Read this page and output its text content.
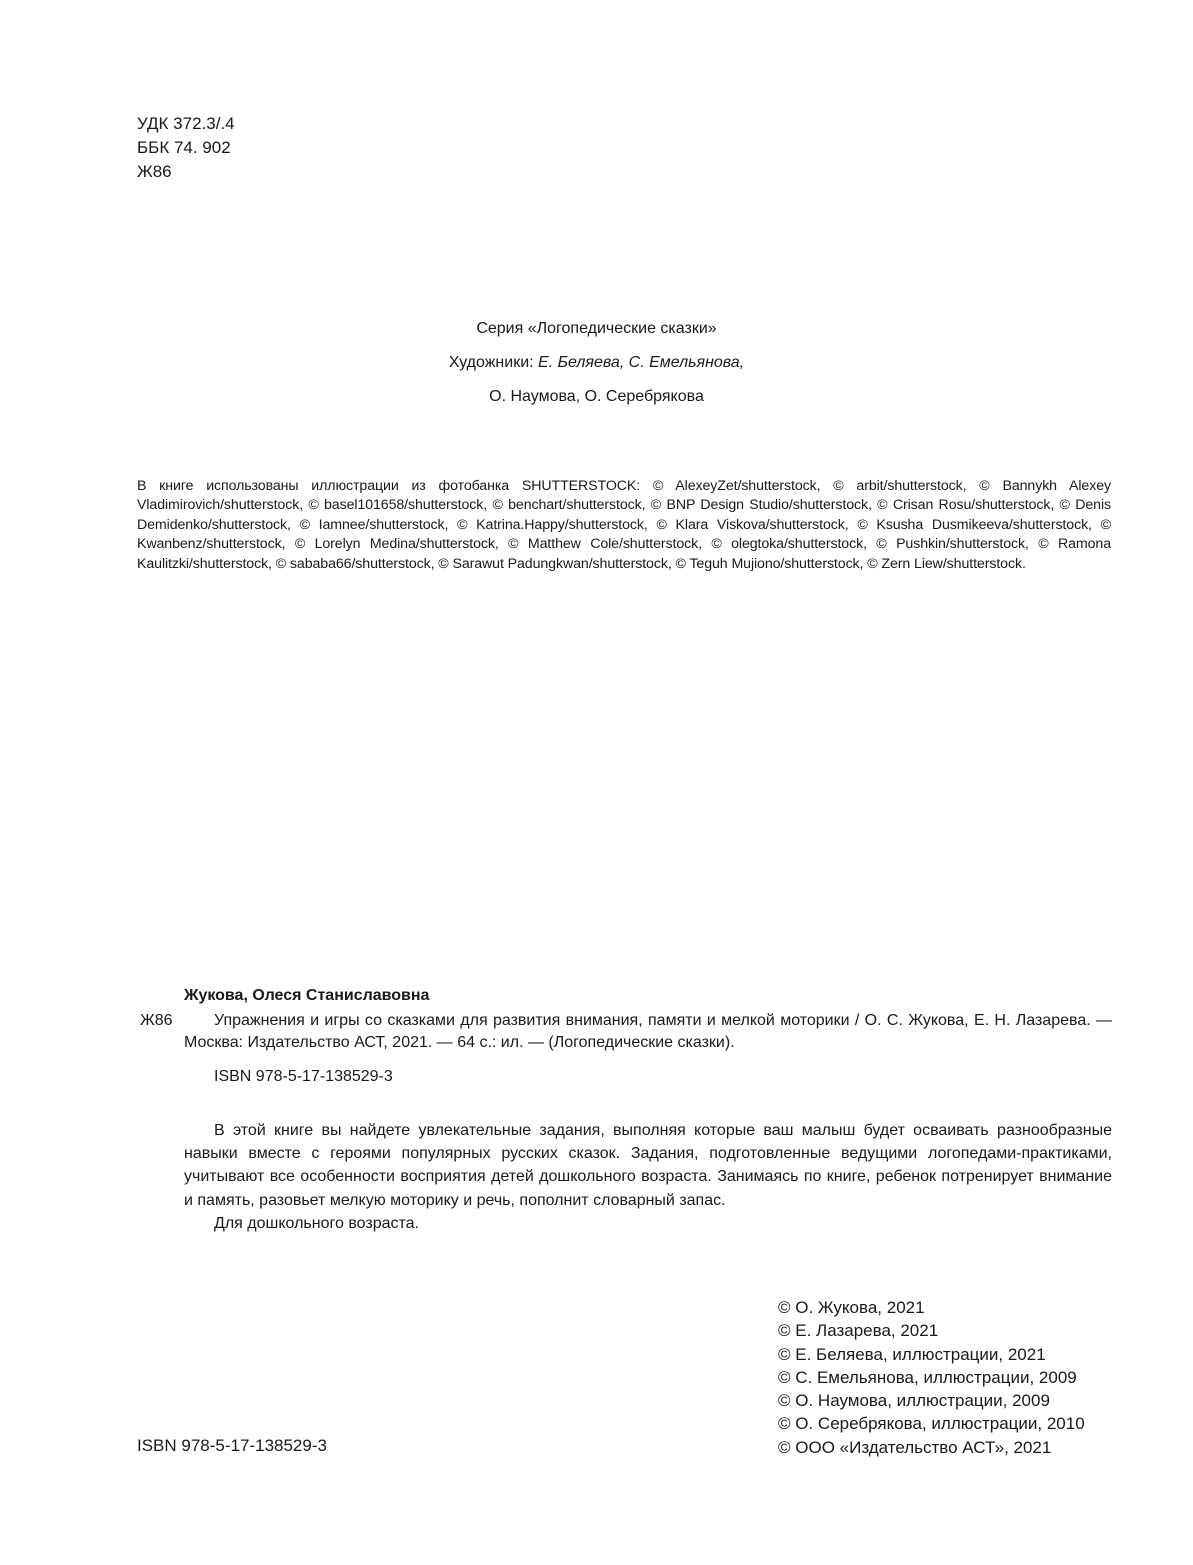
УДК 372.3/.4
ББК 74. 902
Ж86
Серия «Логопедические сказки»
Художники: Е. Беляева, С. Емельянова,
О. Наумова, О. Серебрякова
В книге использованы иллюстрации из фотобанка SHUTTERSTOCK: © AlexeyZet/shutterstock, © arbit/shutterstock, © Bannykh Alexey Vladimirovich/shutterstock, © basel101658/shutterstock, © benchart/shutterstock, © BNP Design Studio/shutterstock, © Crisan Rosu/shutterstock, © Denis Demidenko/shutterstock, © Iamnee/shutterstock, © Katrina.Happy/shutterstock, © Klara Viskova/shutterstock, © Ksusha Dusmikeeva/shutterstock, © Kwanbenz/shutterstock, © Lorelyn Medina/shutterstock, © Matthew Cole/shutterstock, © olegtoka/shutterstock, © Pushkin/shutterstock, © Ramona Kaulitzki/shutterstock, © sababa66/shutterstock, © Sarawut Padungkwan/shutterstock, © Teguh Mujiono/shutterstock, © Zern Liew/shutterstock.
Жукова, Олеся Станиславовна
Ж86	Упражнения и игры со сказками для развития внимания, памяти и мелкой моторики / О. С. Жукова, Е. Н. Лазарева. — Москва: Издательство АСТ, 2021. — 64 с.: ил. — (Логопедические сказки).
ISBN 978-5-17-138529-3

В этой книге вы найдете увлекательные задания, выполняя которые ваш малыш будет осваивать разнообразные навыки вместе с героями популярных русских сказок. Задания, подготовленные ведущими логопедами-практиками, учитывают все особенности восприятия детей дошкольного возраста. Занимаясь по книге, ребенок потренирует внимание и память, разовьет мелкую моторику и речь, пополнит словарный запас.

Для дошкольного возраста.

© О. Жукова, 2021
© Е. Лазарева, 2021
© Е. Беляева, иллюстрации, 2021
© С. Емельянова, иллюстрации, 2009
© О. Наумова, иллюстрации, 2009
© О. Серебрякова, иллюстрации, 2010
© ООО «Издательство АСТ», 2021
ISBN 978-5-17-138529-3
